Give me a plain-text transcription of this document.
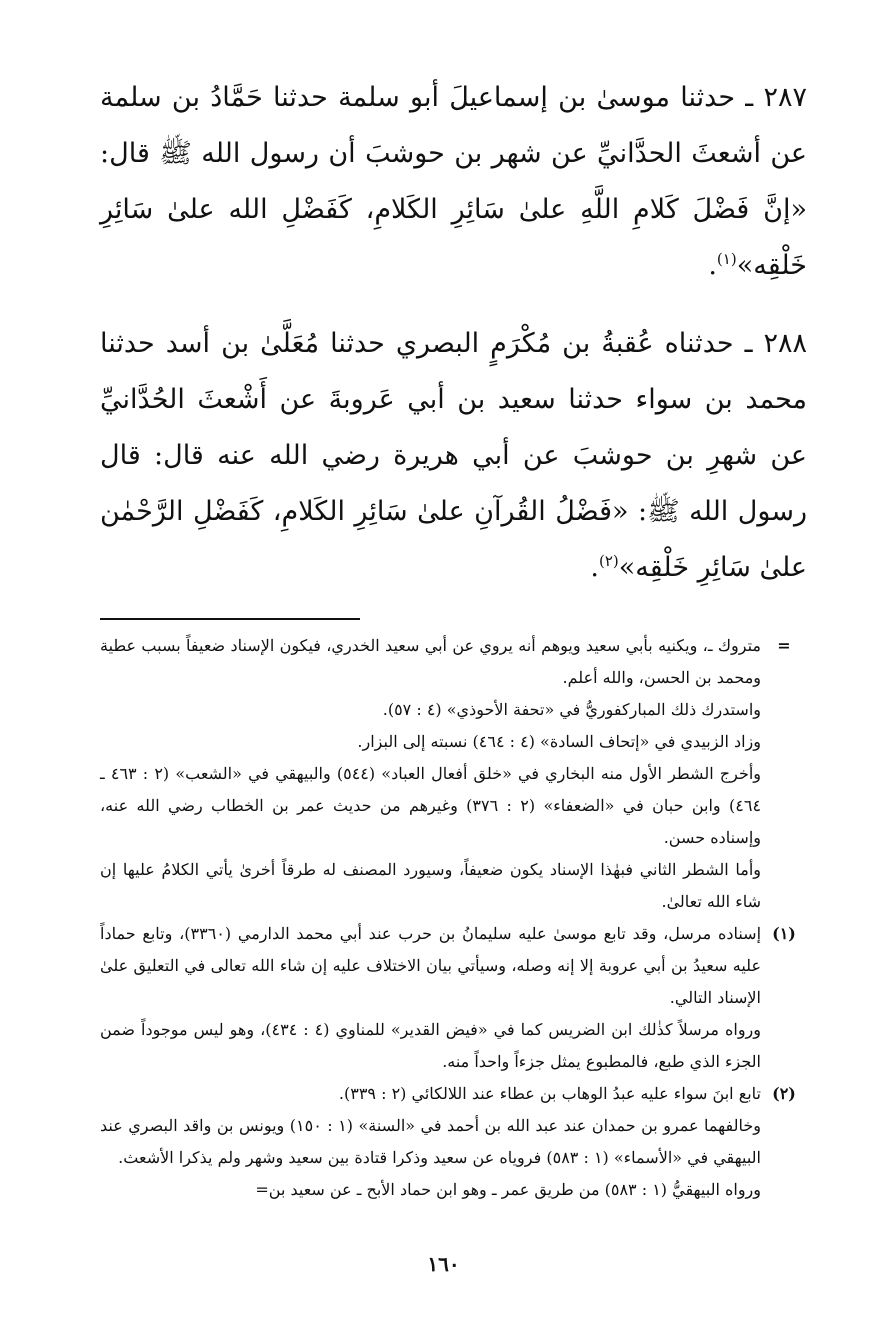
٢٨٧ ـ حدثنا موسىٰ بن إسماعيلَ أبو سلمة حدثنا حَمَّادُ بن سلمة عن أشعثَ الحدَّانيِّ عن شهر بن حوشبَ أن رسول الله ﷺ قال: «إنَّ فَضْلَ كَلامِ اللَّهِ علىٰ سَائِرِ الكَلامِ، كَفَضْلِ الله علىٰ سَائِرِ خَلْقِه»$^{(١)}$.

٢٨٨ ـ حدثناه عُقبةُ بن مُكْرَمٍ البصري حدثنا مُعَلَّىٰ بن أسد حدثنا محمد بن سواء حدثنا سعيد بن أبي عَروبةَ عن أَشْعثَ الحُدَّانيِّ عن شهرِ بن حوشبَ عن أبي هريرة رضي الله عنه قال: قال رسول الله ﷺ: «فَضْلُ القُرآنِ علىٰ سَائِرِ الكَلامِ، كَفَضْلِ الرَّحْمٰن علىٰ سَائِرِ خَلْقِه»$^{(٢)}$.

=

متروك ـ، ويكنيه بأبي سعيد ويوهم أنه يروي عن أبي سعيد الخدري، فيكون الإسناد ضعيفاً بسبب عطية ومحمد بن الحسن، والله أعلم.

واستدرك ذلك المباركفوريُّ في «تحفة الأحوذي» (٤ : ٥٧).

وزاد الزبيدي في «إتحاف السادة» (٤ : ٤٦٤) نسبته إلى البزار.

وأخرج الشطر الأول منه البخاري في «خلق أفعال العباد» (٥٤٤) والبيهقي في «الشعب» (٢ : ٤٦٣ ـ ٤٦٤) وابن حبان في «الضعفاء» (٢ : ٣٧٦) وغيرهم من حديث عمر بن الخطاب رضي الله عنه، وإسناده حسن.

وأما الشطر الثاني فبهٰذا الإسناد يكون ضعيفاً، وسيورد المصنف له طرقاً أخرىٰ يأتي الكلامُ عليها إن شاء الله تعالىٰ.

(١)

إسناده مرسل، وقد تابع موسىٰ عليه سليمانُ بن حرب عند أبي محمد الدارمي (٣٣٦٠)، وتابع حماداً عليه سعيدُ بن أبي عروبة إلا إنه وصله، وسيأتي بيان الاختلاف عليه إن شاء الله تعالى في التعليق علىٰ الإسناد التالي.

ورواه مرسلاً كذٰلك ابن الضريس كما في «فيض القدير» للمناوي (٤ : ٤٣٤)، وهو ليس موجوداً ضمن الجزء الذي طبع، فالمطبوع يمثل جزءاً واحداً منه.

(٢)

تابع ابنَ سواء عليه عبدُ الوهاب بن عطاء عند اللالكائي (٢ : ٣٣٩).

وخالفهما عمرو بن حمدان عند عبد الله بن أحمد في «السنة» (١ : ١٥٠) ويونس بن واقد البصري عند البيهقي في «الأسماء» (١ : ٥٨٣) فروياه عن سعيد وذكرا قتادة بين سعيد وشهر ولم يذكرا الأشعث.

ورواه البيهقيُّ (١ : ٥٨٣) من طريق عمر ـ وهو ابن حماد الأبح ـ عن سعيد بن=

١٦٠
